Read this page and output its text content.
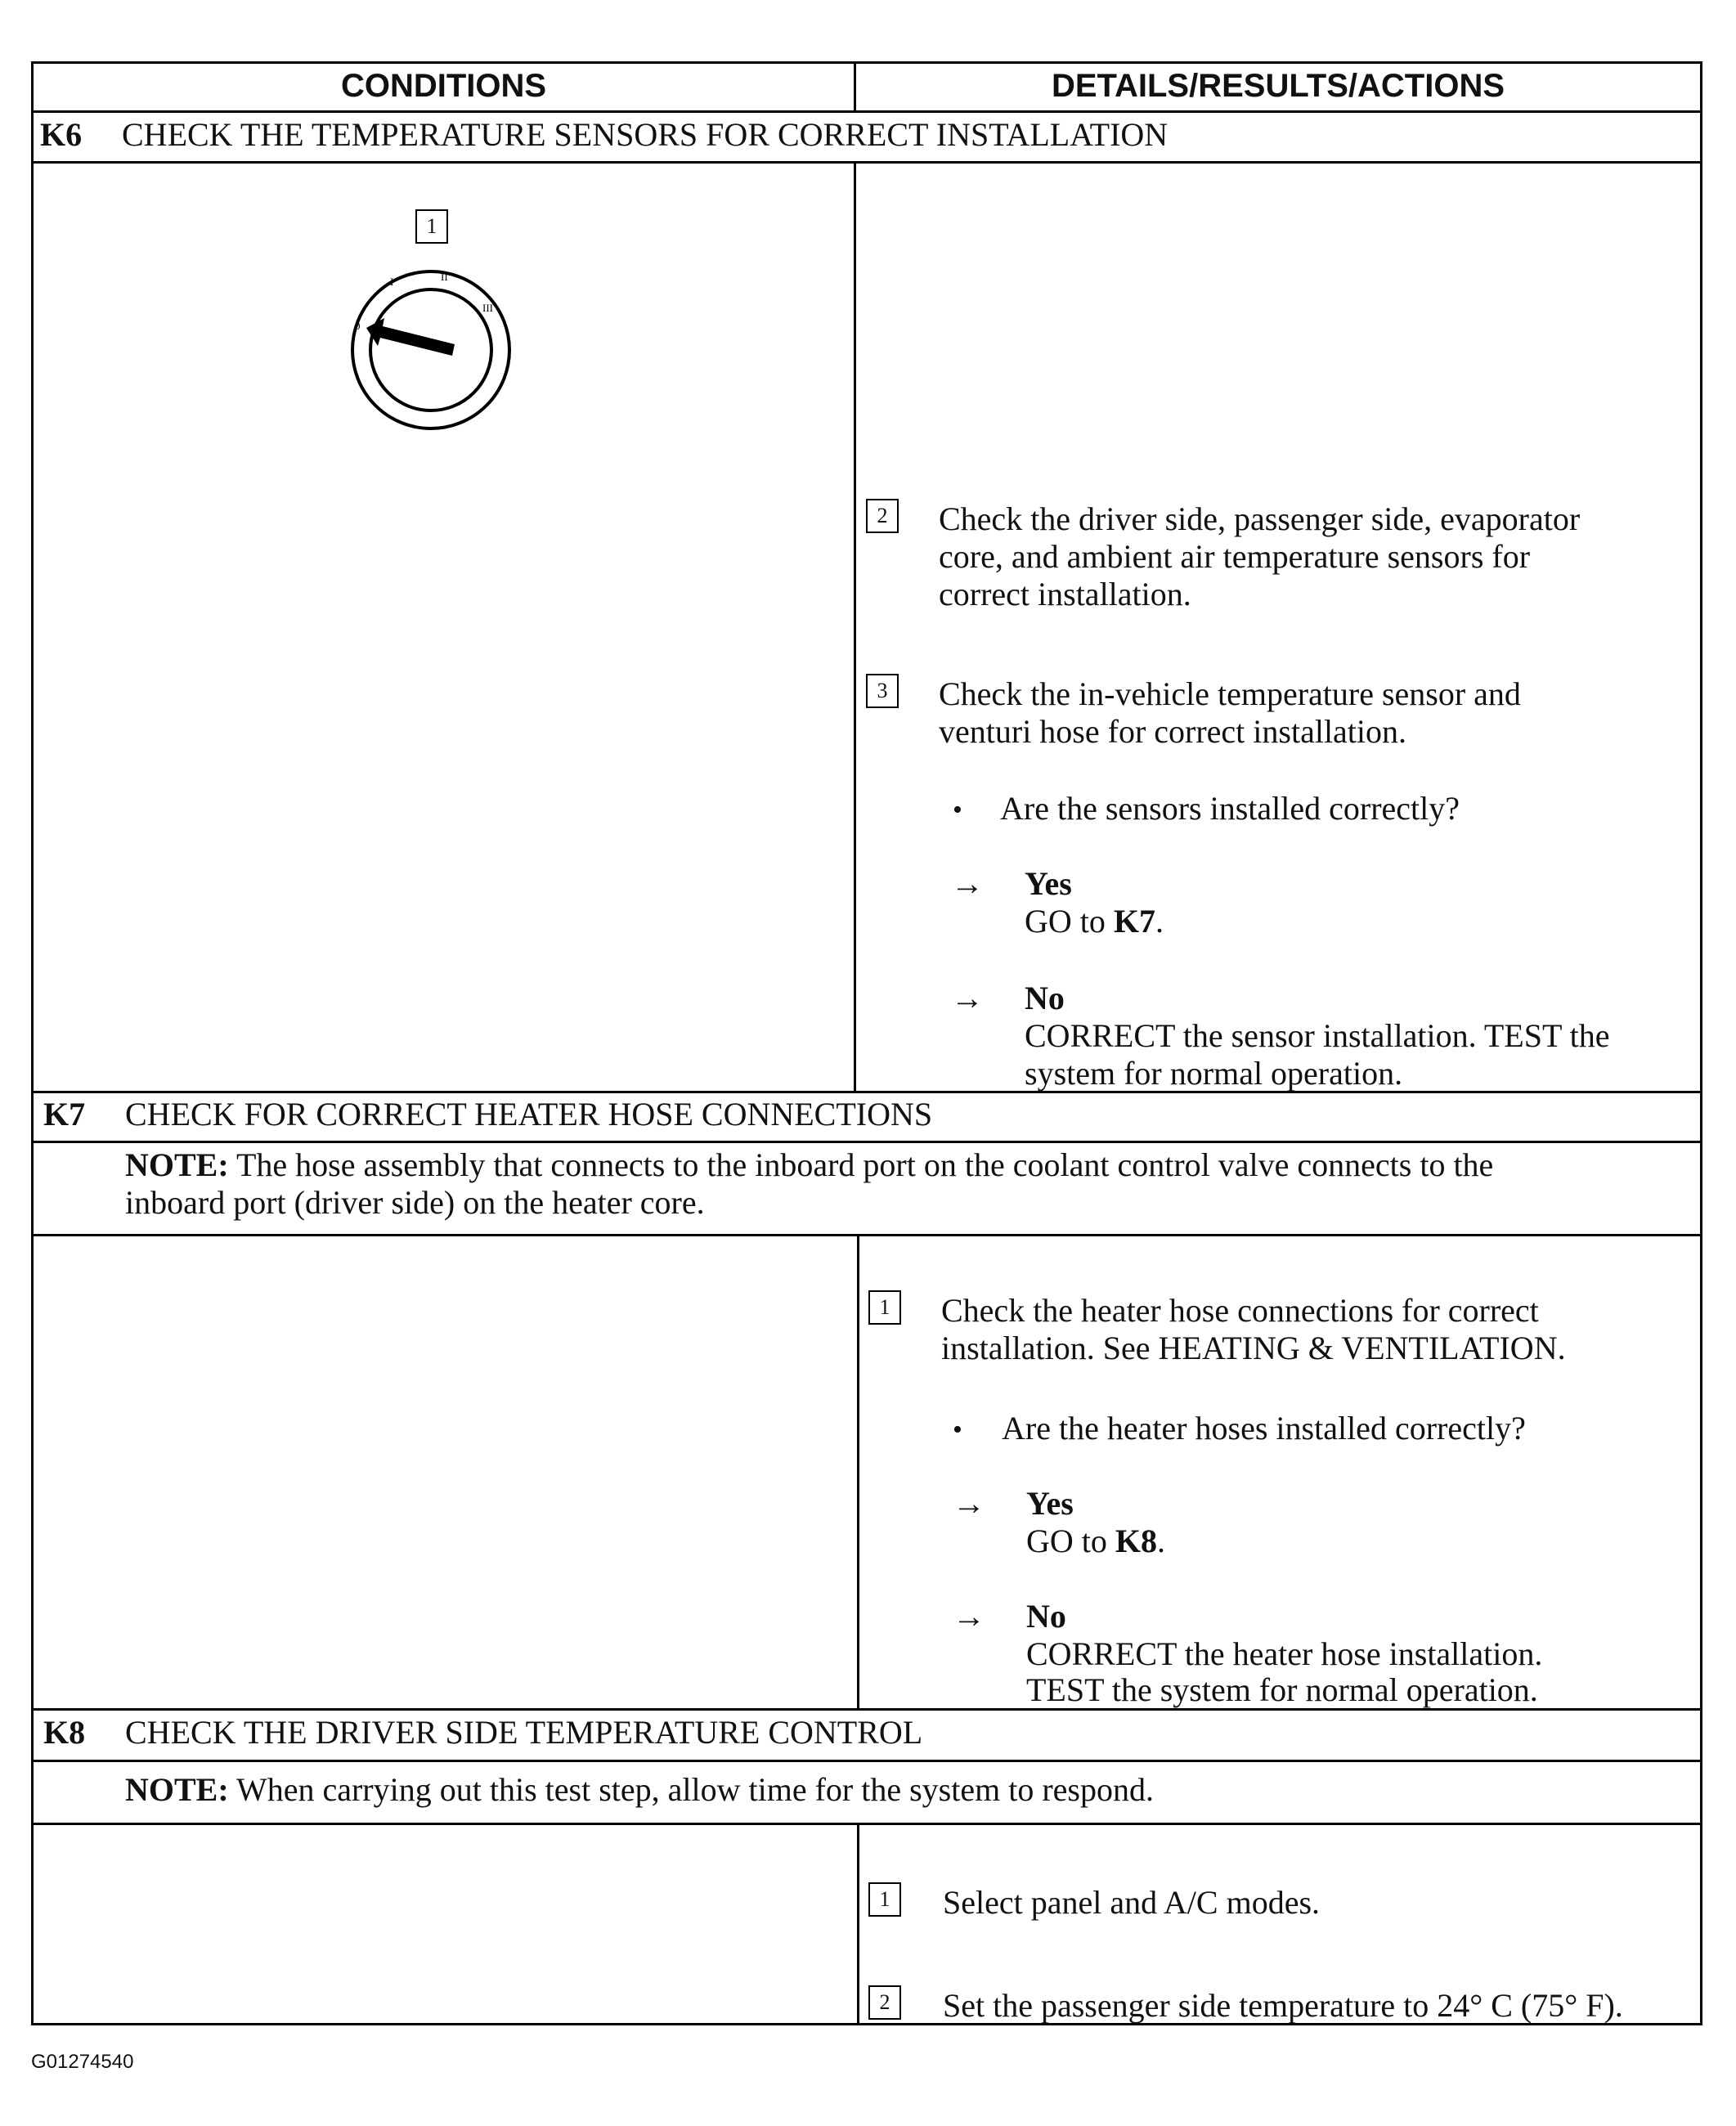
CONDITIONS	DETAILS/RESULTS/ACTIONS
K6 CHECK THE TEMPERATURE SENSORS FOR CORRECT INSTALLATION
1
0
I	II
III
2	Check the driver side, passenger side, evaporator
core, and ambient air temperature sensors for
correct installation.
3	Check the in-vehicle temperature sensor and
venturi hose for correct installation.
• Are the sensors installed correctly?
→ Yes
GO to K7.
→ No
CORRECT the sensor installation. TEST the
system for normal operation.
K7 CHECK FOR CORRECT HEATER HOSE CONNECTIONS
NOTE: The hose assembly that connects to the inboard port on the coolant control valve connects to the
inboard port (driver side) on the heater core.
1	Check the heater hose connections for correct
installation. See HEATING & VENTILATION.
• Are the heater hoses installed correctly?
→ Yes
GO to K8.
→ No
CORRECT the heater hose installation.
TEST the system for normal operation.
K8 CHECK THE DRIVER SIDE TEMPERATURE CONTROL
NOTE: When carrying out this test step, allow time for the system to respond.
1	Select panel and A/C modes.
2	Set the passenger side temperature to 24° C (75° F).
G01274540
